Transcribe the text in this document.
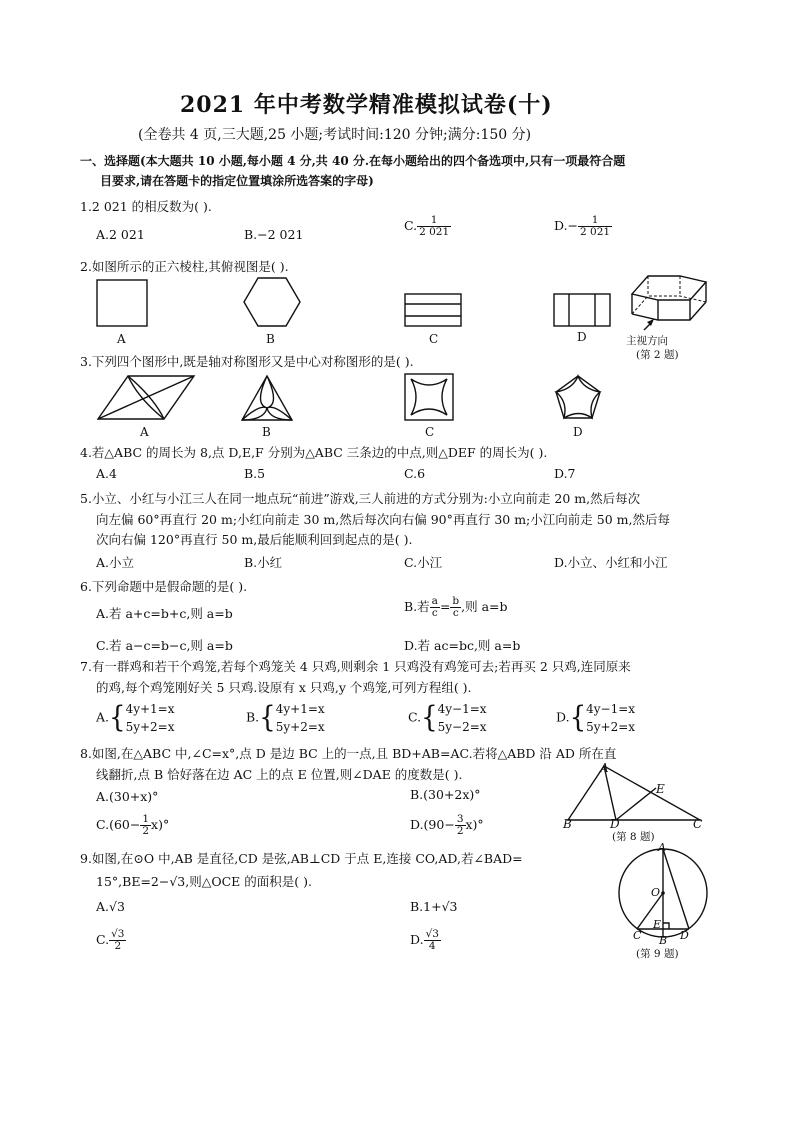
2021 年中考数学精准模拟试卷(十)
(全卷共 4 页,三大题,25 小题;考试时间:120 分钟;满分:150 分)
一、选择题(本大题共 10 小题,每小题 4 分,共 40 分.在每小题给出的四个备选项中,只有一项最符合题
目要求,请在答题卡的指定位置填涂所选答案的字母)
1.2 021 的相反数为( ).
A.2 021	B.−2 021
C. $\frac{1}{2 021}$	$D.- \frac{1}{2 021}$
2.如图所示的正六棱柱,其俯视图是( ).
A	B	C	D	主视方向
(第 2 题)
3.下列四个图形中,既是轴对称图形又是中心对称图形的是( ).
A	B	C	D
4.若△ABC 的周长为 8,点 D,E,F 分别为△ABC 三条边的中点,则△DEF 的周长为( ).
A.4	B.5	C.6	D.7
5.小立、小红与小江三人在同一地点玩“前进”游戏,三人前进的方式分别为:小立向前走 20 m,然后每次
向左偏 60°再直行 20 m;小红向前走 30 m,然后每次向右偏 90°再直行 30 m;小江向前走 50 m,然后每
次向右偏 120°再直行 50 m,最后能顺利回到起点的是( ).
A.小立	B.小红	C.小江	D.小立、小红和小江
6.下列命题中是假命题的是( ).
A.若 a+c=b+c,则 a=b	B.若 $\frac{a}{c} = \frac{b}{c}$ ,则 a=b
C.若 a−c=b−c,则 a=b	D.若 ac=bc,则 a=b
7.有一群鸡和若干个鸡笼,若每个鸡笼关 4 只鸡,则剩余 1 只鸡没有鸡笼可去;若再买 2 只鸡,连同原来
的鸡,每个鸡笼刚好关 5 只鸡.设原有 x 只鸡,y 个鸡笼,可列方程组( ).
A.{ 4y+1=x
5y+2=x
B.{ 4y+1=x
5y+2=x
C.{ 4y−1=x
5y−2=x
D.{ 4y−1=x
5y+2=x
8.如图,在△ABC 中,∠C=x°,点 D 是边 BC 上的一点,且 BD+AB=AC.若将△ABD 沿 AD 所在直
线翻折,点 B 恰好落在边 AC 上的点 E 位置,则∠DAE 的度数是( ).
A.(30+x)°	B.(30+2x)°
$C.(60- \frac{1}{2} x)^\circ$	$D.(90- \frac{3}{2} x)^\circ$
A
E
B	D	C
(第 8 题)
9.如图,在⊙O 中,AB 是直径,CD 是弦,AB⊥CD 于点 E,连接 CO,AD,若∠BAD=
15°,BE=2−√3,则△OCE 的面积是( ).
A.√3	B.1+√3
C. $\frac{√3}{2}$	D. $\frac{√3}{4}$
A
O
E
C B D
(第 9 题)
